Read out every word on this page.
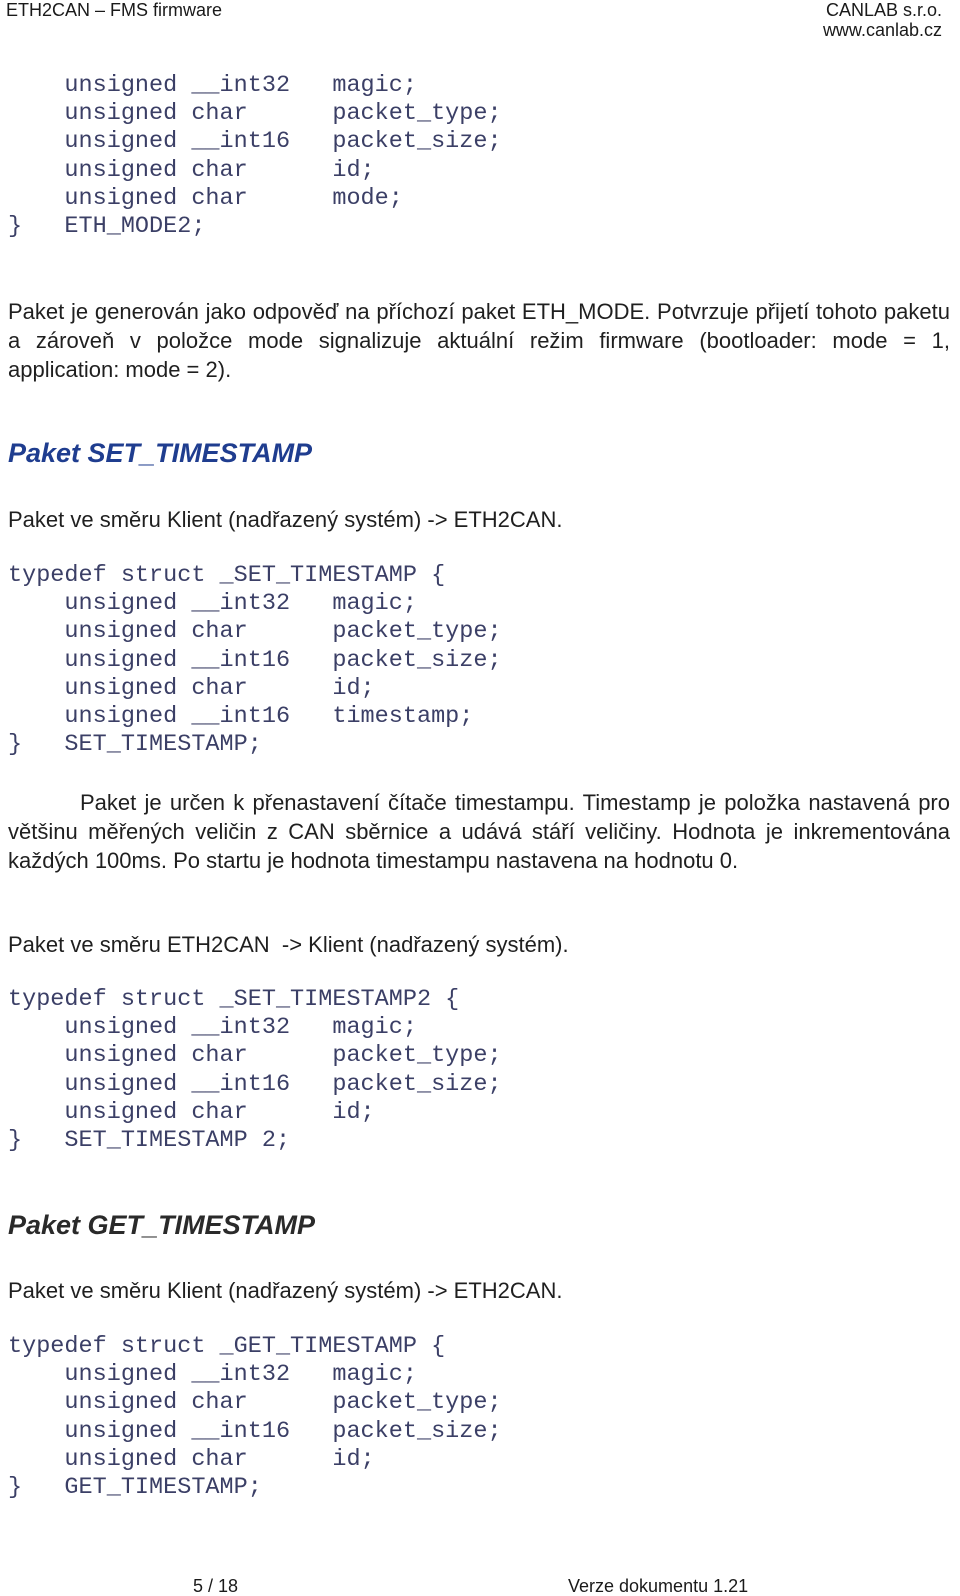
ETH2CAN – FMS firmware	CANLAB s.r.o.
www.canlab.cz
unsigned __int32   magic;
unsigned char      packet_type;
unsigned __int16   packet_size;
unsigned char      id;
unsigned char      mode;
}   ETH_MODE2;

Paket je generován jako odpověď na příchozí paket ETH_MODE. Potvrzuje přijetí tohoto paketu a zároveň v položce mode signalizuje aktuální režim firmware (bootloader: mode = 1, application: mode = 2).

Paket SET_TIMESTAMP

Paket ve směru Klient (nadřazený systém) -> ETH2CAN.

typedef struct _SET_TIMESTAMP {
unsigned __int32   magic;
unsigned char      packet_type;
unsigned __int16   packet_size;
unsigned char      id;
unsigned __int16   timestamp;
}   SET_TIMESTAMP;

Paket je určen k přenastavení čítače timestampu. Timestamp je položka nastavená pro většinu měřených veličin z CAN sběrnice a udává stáří veličiny. Hodnota je inkrementována každých 100ms. Po startu je hodnota timestampu nastavena na hodnotu 0.

Paket ve směru ETH2CAN  -> Klient (nadřazený systém).

typedef struct _SET_TIMESTAMP2 {
unsigned __int32   magic;
unsigned char      packet_type;
unsigned __int16   packet_size;
unsigned char      id;
}   SET_TIMESTAMP 2;
Paket GET_TIMESTAMP

Paket ve směru Klient (nadřazený systém) -> ETH2CAN.

typedef struct _GET_TIMESTAMP {
unsigned __int32   magic;
unsigned char      packet_type;
unsigned __int16   packet_size;
unsigned char      id;
}   GET_TIMESTAMP;
5 / 18	Verze dokumentu 1.21
